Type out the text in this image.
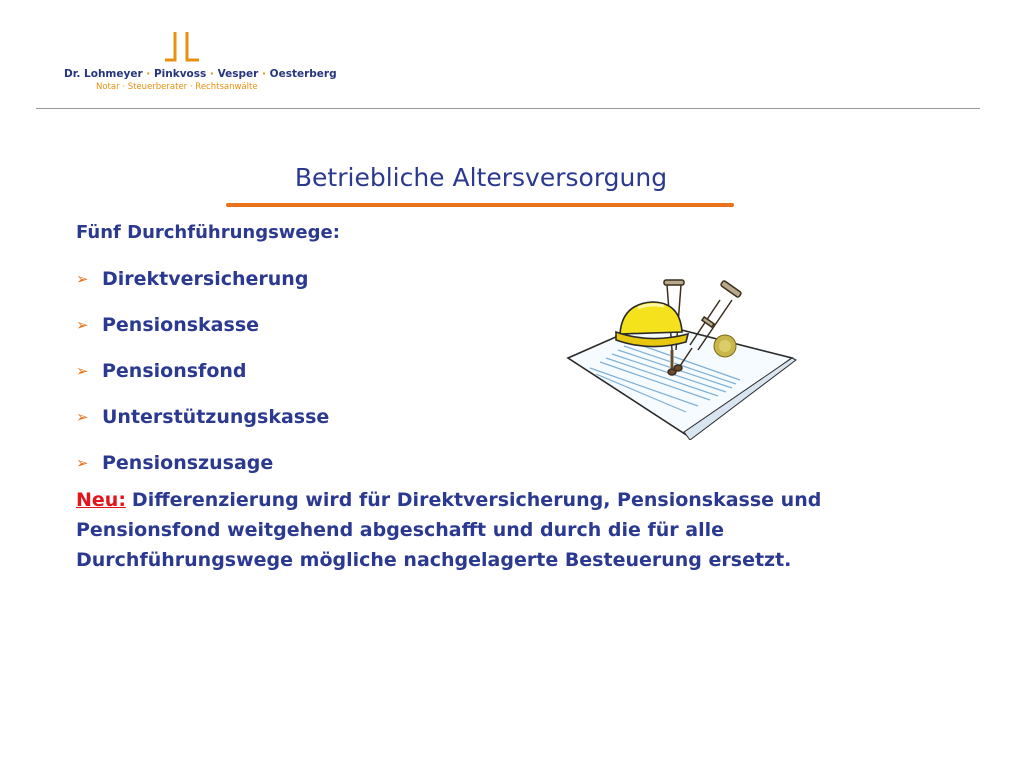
Dr. Lohmeyer · Pinkvoss · Vesper · Oesterberg
Notar · Steuerberater · Rechtsanwälte
Betriebliche Altersversorgung
Fünf Durchführungswege:
➢ Direktversicherung
➢ Pensionskasse
➢ Pensionsfond
➢ Unterstützungskasse
➢ Pensionszusage
Neu: Differenzierung wird für Direktversicherung, Pensionskasse und Pensionsfond weitgehend abgeschafft und durch die für alle Durchführungswege mögliche nachgelagerte Besteuerung ersetzt.
